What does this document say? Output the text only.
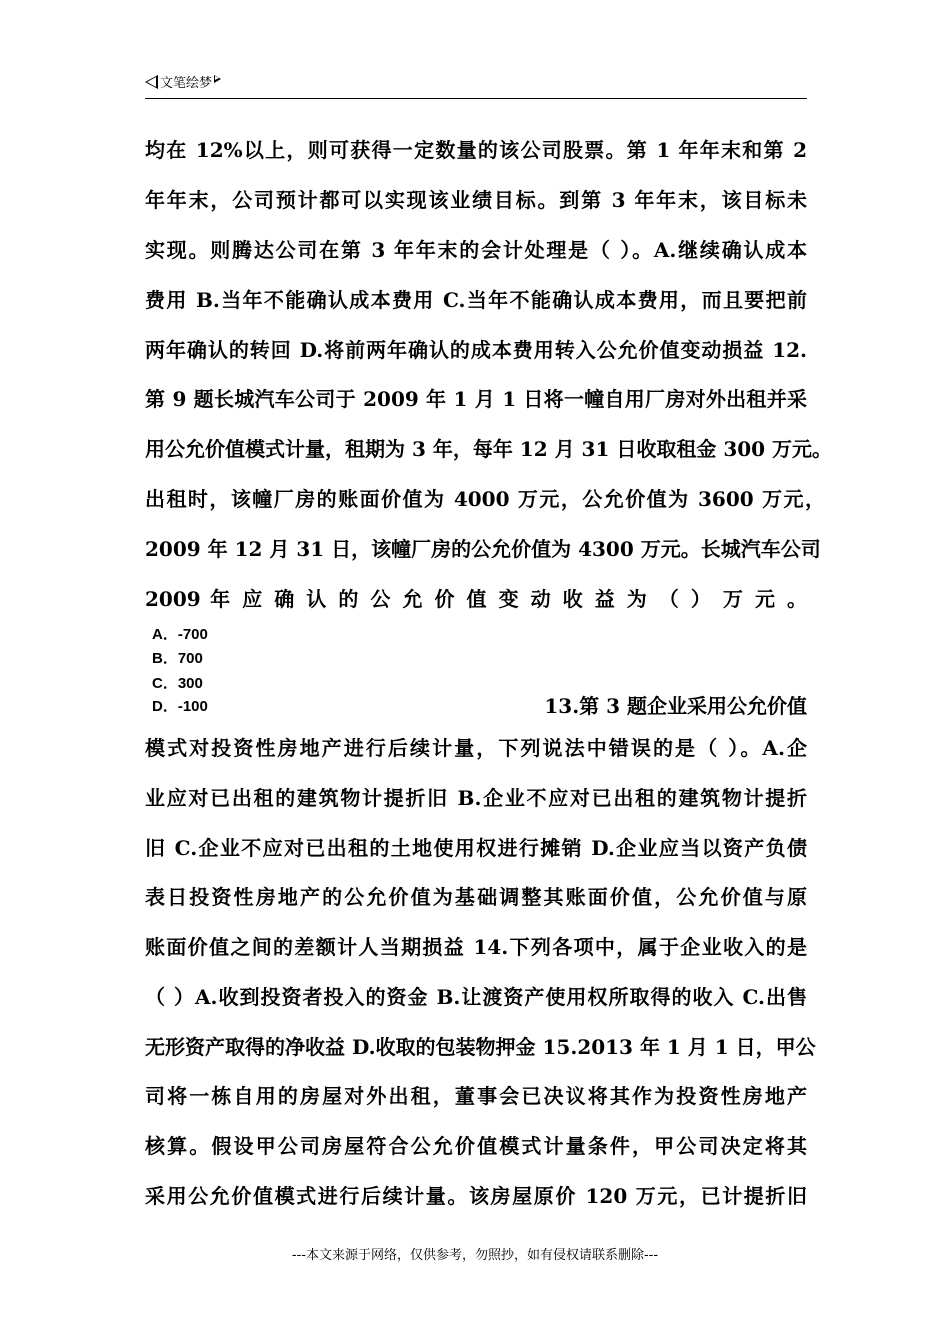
文笔绘梦
均在 12%以上，则可获得一定数量的该公司股票。第 1 年年末和第 2
年年末，公司预计都可以实现该业绩目标。到第 3 年年末，该目标未
实现。则腾达公司在第 3 年年末的会计处理是（ ）。A.继续确认成本
费用 B.当年不能确认成本费用 C.当年不能确认成本费用，而且要把前
两年确认的转回 D.将前两年确认的成本费用转入公允价值变动损益 12.
第 9 题长城汽车公司于 2009 年 1 月 1 日将一幢自用厂房对外出租并采
用公允价值模式计量，租期为 3 年，每年 12 月 31 日收取租金 300 万元。
出租时，该幢厂房的账面价值为 4000 万元，公允价值为 3600 万元，
2009 年 12 月 31 日，该幢厂房的公允价值为 4300 万元。长城汽车公司
2009 年 应 确 认 的 公 允 价 值 变 动 收 益 为 （ ） 万 元 。
A．-700
B．700
C．300
D．-100	13.第 3 题企业采用公允价值
模式对投资性房地产进行后续计量，下列说法中错误的是（ ）。A.企
业应对已出租的建筑物计提折旧 B.企业不应对已出租的建筑物计提折
旧 C.企业不应对已出租的土地使用权进行摊销 D.企业应当以资产负债
表日投资性房地产的公允价值为基础调整其账面价值，公允价值与原
账面价值之间的差额计人当期损益 14.下列各项中，属于企业收入的是
（ ）A.收到投资者投入的资金 B.让渡资产使用权所取得的收入 C.出售
无形资产取得的净收益 D.收取的包装物押金 15.2013 年 1 月 1 日，甲公
司将一栋自用的房屋对外出租，董事会已决议将其作为投资性房地产
核算。假设甲公司房屋符合公允价值模式计量条件，甲公司决定将其
采用公允价值模式进行后续计量。该房屋原价 120 万元，已计提折旧
---本文来源于网络，仅供参考，勿照抄，如有侵权请联系删除---
